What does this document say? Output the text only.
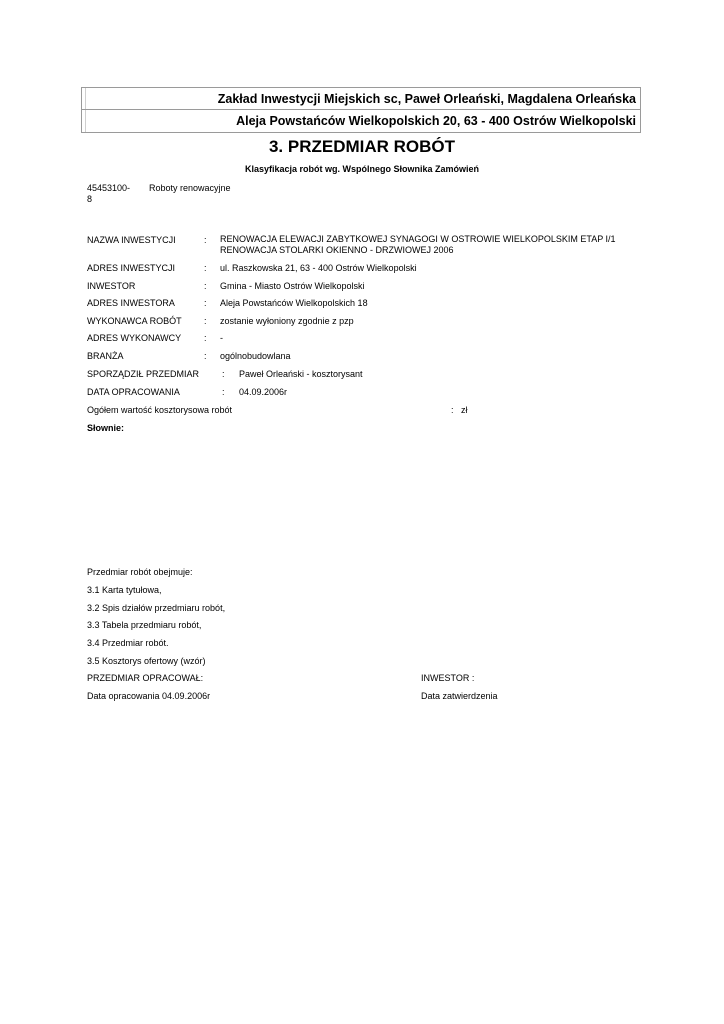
Zakład Inwestycji Miejskich sc, Paweł Orleański, Magdalena Orleańska
Aleja Powstańców Wielkopolskich 20, 63 - 400 Ostrów Wielkopolski
3. PRZEDMIAR ROBÓT
Klasyfikacja robót wg. Wspólnego Słownika Zamówień
45453100-
8
Roboty renowacyjne
NAZWA INWESTYCJI	: RENOWACJA ELEWACJI ZABYTKOWEJ SYNAGOGI W OSTROWIE WIELKOPOLSKIM ETAP I/1
RENOWACJA STOLARKI OKIENNO - DRZWIOWEJ 2006
ADRES INWESTYCJI	: ul. Raszkowska 21, 63 - 400 Ostrów Wielkopolski
INWESTOR	: Gmina - Miasto Ostrów Wielkopolski
ADRES INWESTORA	: Aleja Powstańców Wielkopolskich 18
WYKONAWCA ROBÓT : zostanie wyłoniony zgodnie z pzp
ADRES WYKONAWCY	: -
BRANŻA	: ogólnobudowlana
SPORZĄDZIŁ PRZEDMIAR	: Paweł Orleański - kosztorysant
DATA OPRACOWANIA	: 04.09.2006r
Ogółem wartość kosztorysowa robót	: zł
Słownie:
Przedmiar robót obejmuje:
3.1 Karta tytułowa,
3.2 Spis działów przedmiaru robót,
3.3 Tabela przedmiaru robót,
3.4 Przedmiar robót.
3.5 Kosztorys ofertowy (wzór)
PRZEDMIAR OPRACOWAŁ:	INWESTOR :
Data opracowania 04.09.2006r	Data zatwierdzenia
